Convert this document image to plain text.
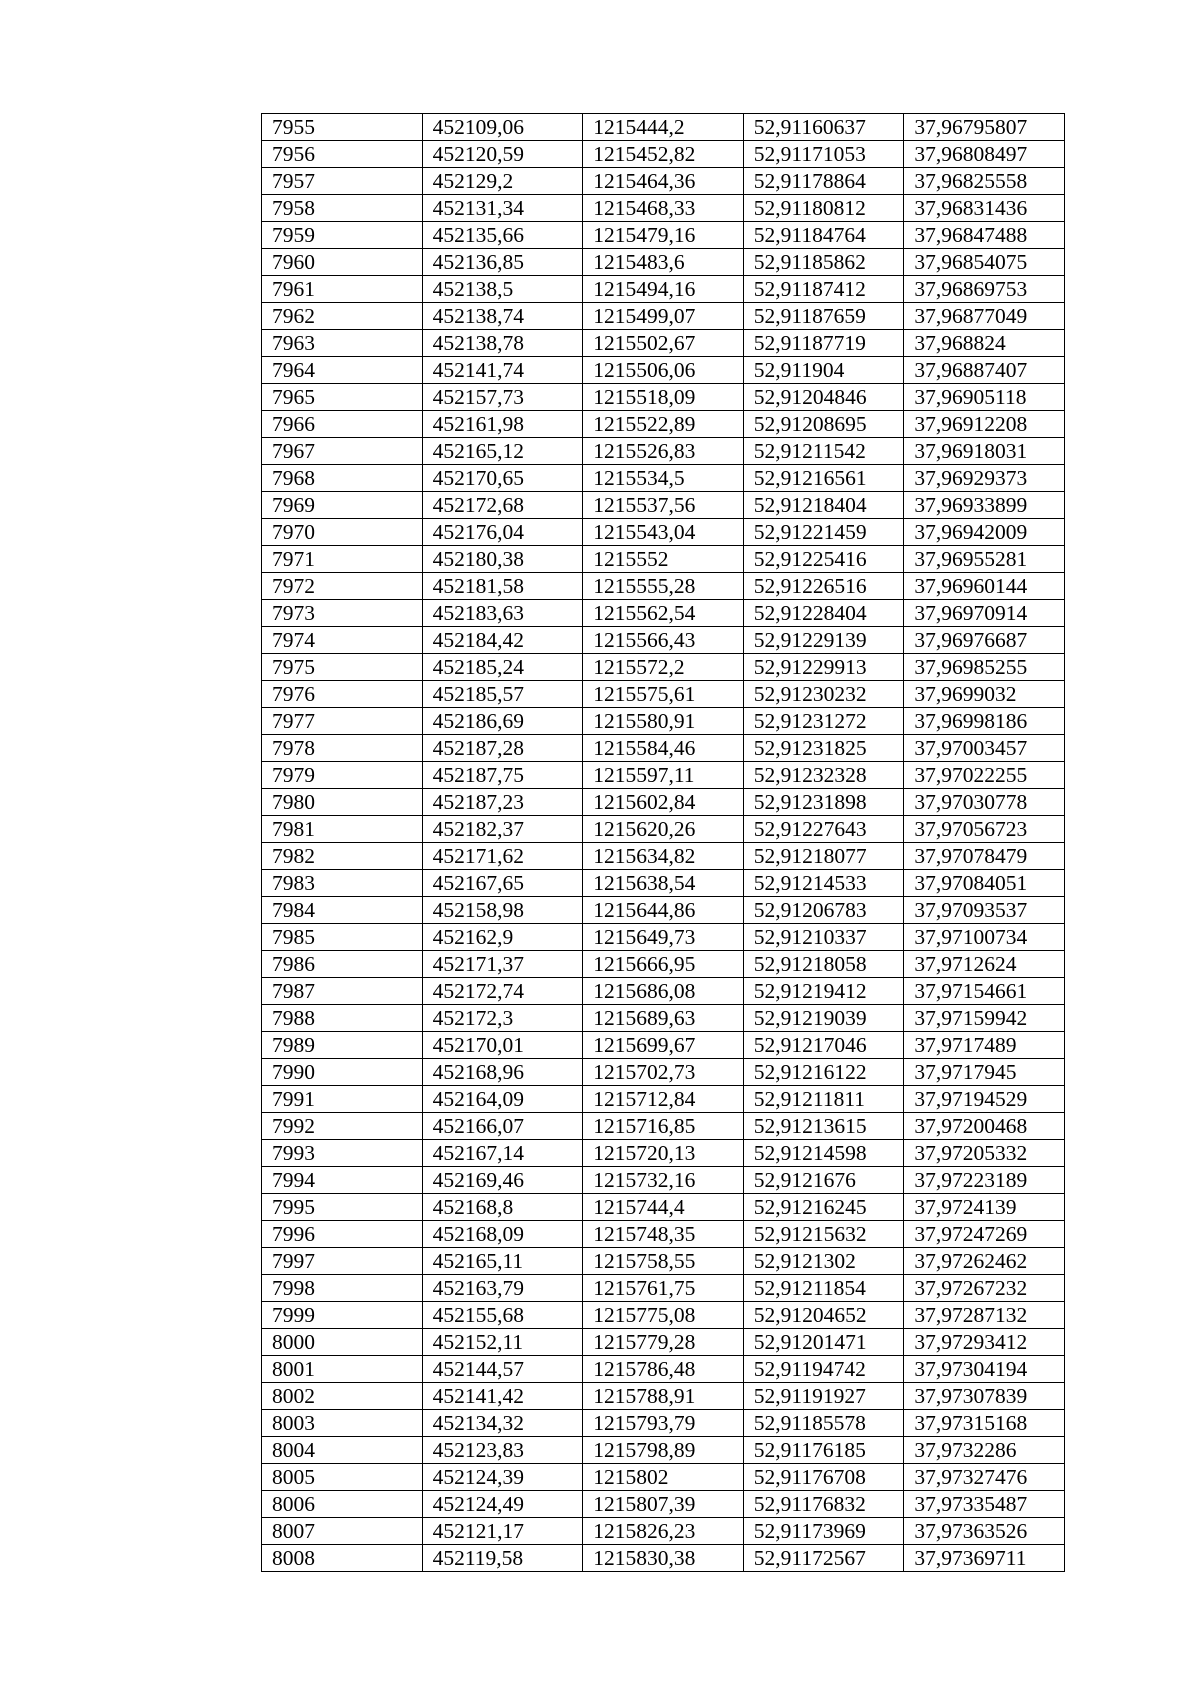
7955	452109,06	1215444,2	52,91160637	37,96795807
7956	452120,59	1215452,82	52,91171053	37,96808497
7957	452129,2	1215464,36	52,91178864	37,96825558
7958	452131,34	1215468,33	52,91180812	37,96831436
7959	452135,66	1215479,16	52,91184764	37,96847488
7960	452136,85	1215483,6	52,91185862	37,96854075
7961	452138,5	1215494,16	52,91187412	37,96869753
7962	452138,74	1215499,07	52,91187659	37,96877049
7963	452138,78	1215502,67	52,91187719	37,968824
7964	452141,74	1215506,06	52,911904	37,96887407
7965	452157,73	1215518,09	52,91204846	37,96905118
7966	452161,98	1215522,89	52,91208695	37,96912208
7967	452165,12	1215526,83	52,91211542	37,96918031
7968	452170,65	1215534,5	52,91216561	37,96929373
7969	452172,68	1215537,56	52,91218404	37,96933899
7970	452176,04	1215543,04	52,91221459	37,96942009
7971	452180,38	1215552	52,91225416	37,96955281
7972	452181,58	1215555,28	52,91226516	37,96960144
7973	452183,63	1215562,54	52,91228404	37,96970914
7974	452184,42	1215566,43	52,91229139	37,96976687
7975	452185,24	1215572,2	52,91229913	37,96985255
7976	452185,57	1215575,61	52,91230232	37,9699032
7977	452186,69	1215580,91	52,91231272	37,96998186
7978	452187,28	1215584,46	52,91231825	37,97003457
7979	452187,75	1215597,11	52,91232328	37,97022255
7980	452187,23	1215602,84	52,91231898	37,97030778
7981	452182,37	1215620,26	52,91227643	37,97056723
7982	452171,62	1215634,82	52,91218077	37,97078479
7983	452167,65	1215638,54	52,91214533	37,97084051
7984	452158,98	1215644,86	52,91206783	37,97093537
7985	452162,9	1215649,73	52,91210337	37,97100734
7986	452171,37	1215666,95	52,91218058	37,9712624
7987	452172,74	1215686,08	52,91219412	37,97154661
7988	452172,3	1215689,63	52,91219039	37,97159942
7989	452170,01	1215699,67	52,91217046	37,9717489
7990	452168,96	1215702,73	52,91216122	37,9717945
7991	452164,09	1215712,84	52,91211811	37,97194529
7992	452166,07	1215716,85	52,91213615	37,97200468
7993	452167,14	1215720,13	52,91214598	37,97205332
7994	452169,46	1215732,16	52,9121676	37,97223189
7995	452168,8	1215744,4	52,91216245	37,9724139
7996	452168,09	1215748,35	52,91215632	37,97247269
7997	452165,11	1215758,55	52,9121302	37,97262462
7998	452163,79	1215761,75	52,91211854	37,97267232
7999	452155,68	1215775,08	52,91204652	37,97287132
8000	452152,11	1215779,28	52,91201471	37,97293412
8001	452144,57	1215786,48	52,91194742	37,97304194
8002	452141,42	1215788,91	52,91191927	37,97307839
8003	452134,32	1215793,79	52,91185578	37,97315168
8004	452123,83	1215798,89	52,91176185	37,9732286
8005	452124,39	1215802	52,91176708	37,97327476
8006	452124,49	1215807,39	52,91176832	37,97335487
8007	452121,17	1215826,23	52,91173969	37,97363526
8008	452119,58	1215830,38	52,91172567	37,97369711
